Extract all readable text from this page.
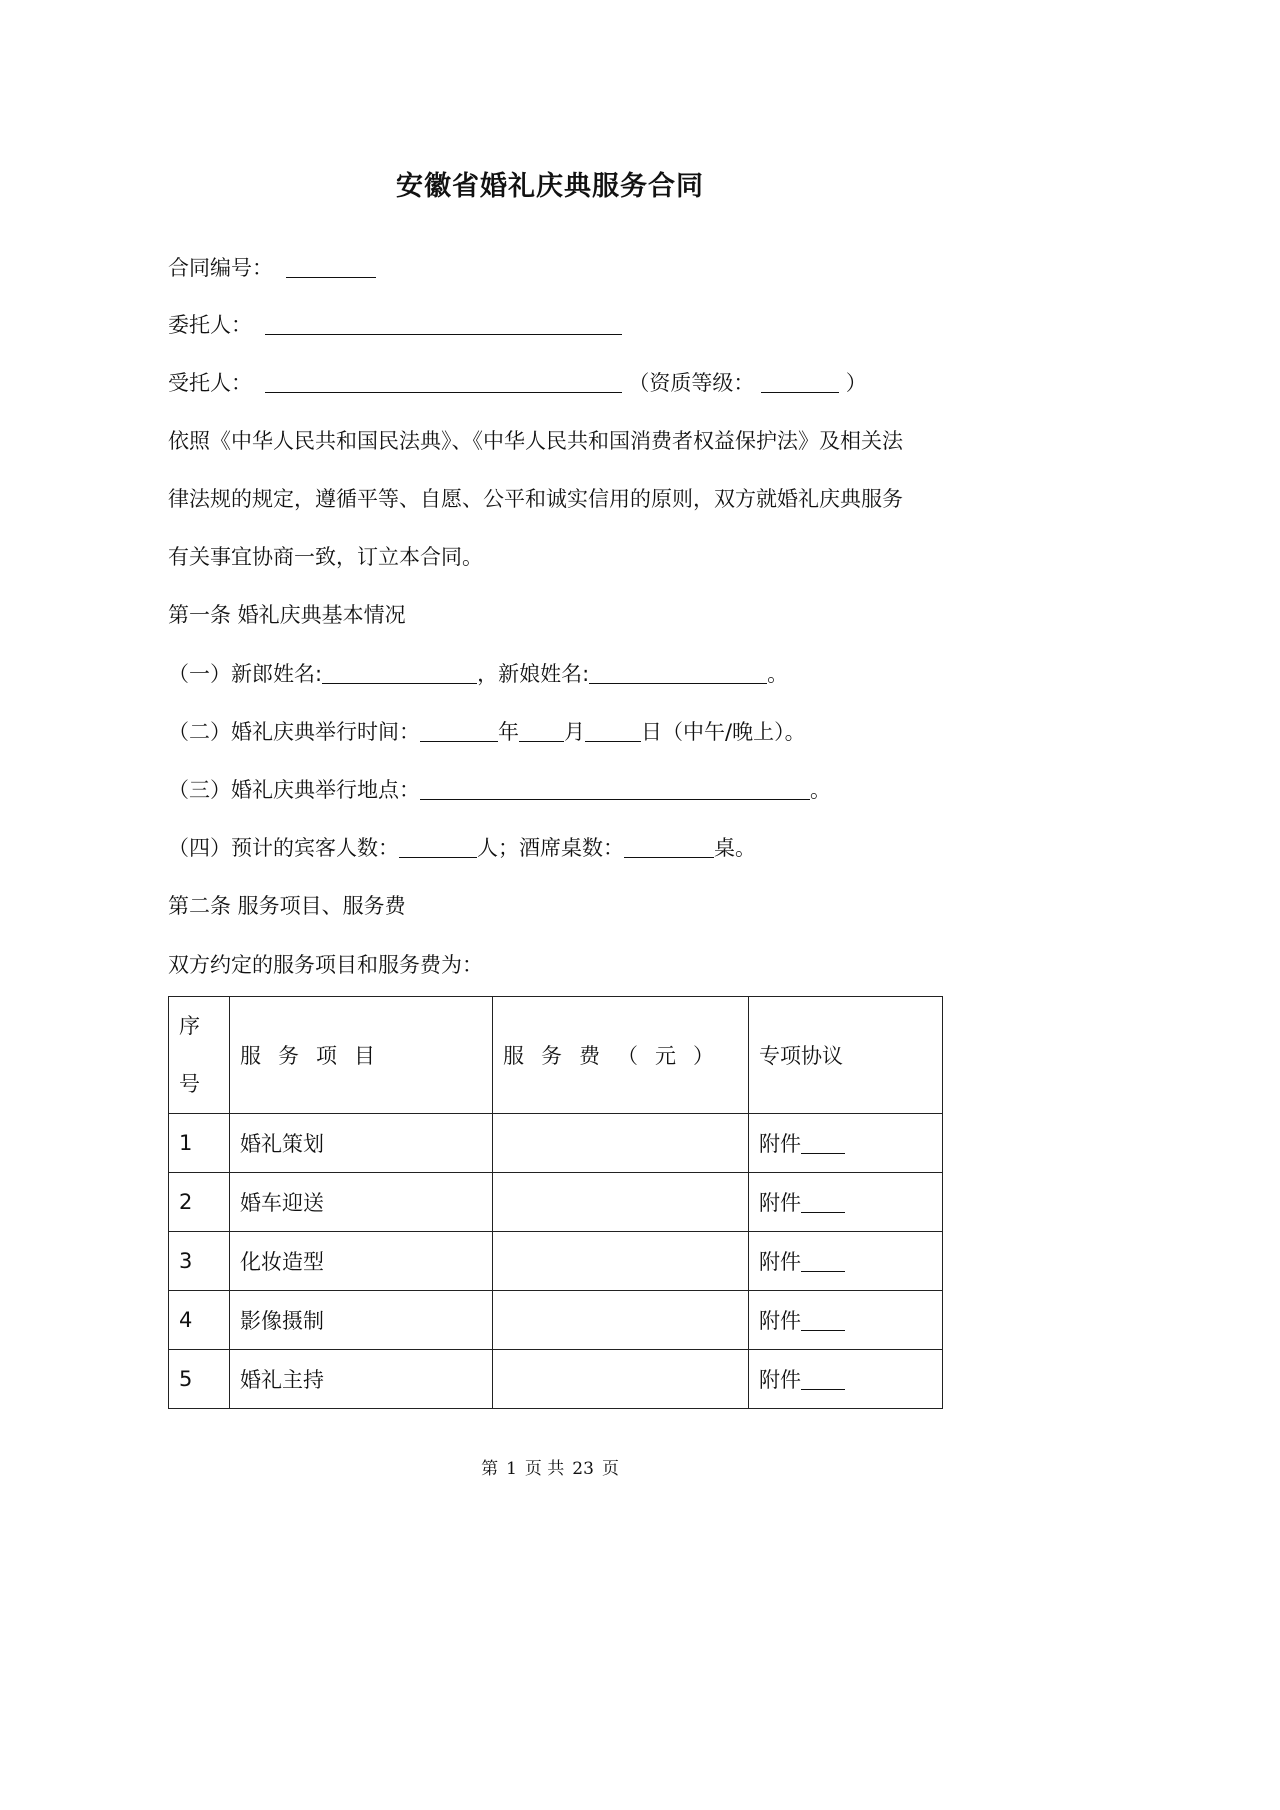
安徽省婚礼庆典服务合同
合同编号：
委托人：
受托人：	（资质等级：	）
依照《中华人民共和国民法典》、《中华人民共和国消费者权益保护法》及相关法
律法规的规定，遵循平等、自愿、公平和诚实信用的原则，双方就婚礼庆典服务
有关事宜协商一致，订立本合同。
第一条 婚礼庆典基本情况
（一）新郎姓名:	，新娘姓名:	。
（二）婚礼庆典举行时间：	年 月	日（中午/晚上）。
（三）婚礼庆典举行地点：	。
（四）预计的宾客人数：	人；酒席桌数：	桌。
第二条 服务项目、服务费
双方约定的服务项目和服务费为：
序号	服务项目	服务费（元）	专项协议
1	婚礼策划		附件
2	婚车迎送		附件
3	化妆造型		附件
4	影像摄制		附件
5	婚礼主持		附件
第 1 页 共 23 页
